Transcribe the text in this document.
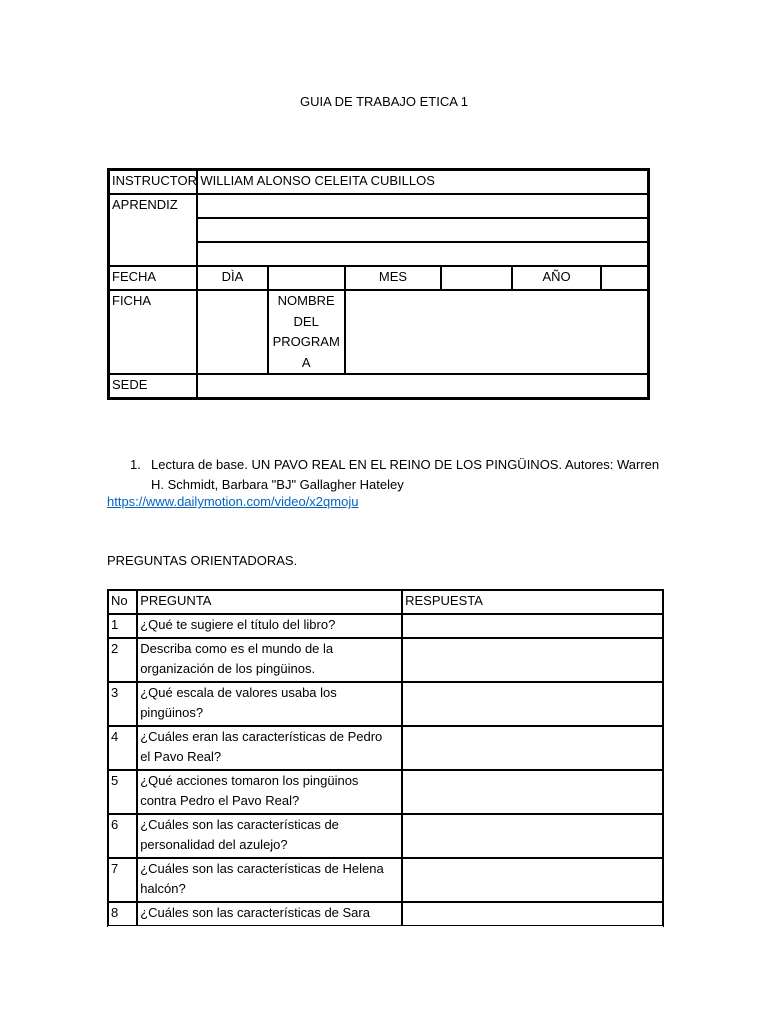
GUIA DE TRABAJO ETICA 1
INSTRUCTOR	WILLIAM ALONSO CELEITA CUBILLOS					
APRENDIZ						

FECHA	DÌA		MES		AÑO	
FICHA		NOMBRE
DEL
PROGRAM
A				

SEDE						
1. Lectura de base. UN PAVO REAL EN EL REINO DE LOS PINGÜINOS. Autores: Warren
H. Schmidt, Barbara "BJ" Gallagher Hateley
https://www.dailymotion.com/video/x2qmoju
PREGUNTAS ORIENTADORAS.
No	PREGUNTA	RESPUESTA
1	¿Qué te sugiere el título del libro?	

2	Describa como es el mundo de la
organización de los pingüinos.	

3	¿Qué escala de valores usaba los
pingüinos?	

4	¿Cuáles eran las características de Pedro
el Pavo Real?	

5	¿Qué acciones tomaron los pingüinos
contra Pedro el Pavo Real?	

6	¿Cuáles son las características de
personalidad del azulejo?	

7	¿Cuáles son las características de Helena
halcón?	

8	¿Cuáles son las características de Sara	
